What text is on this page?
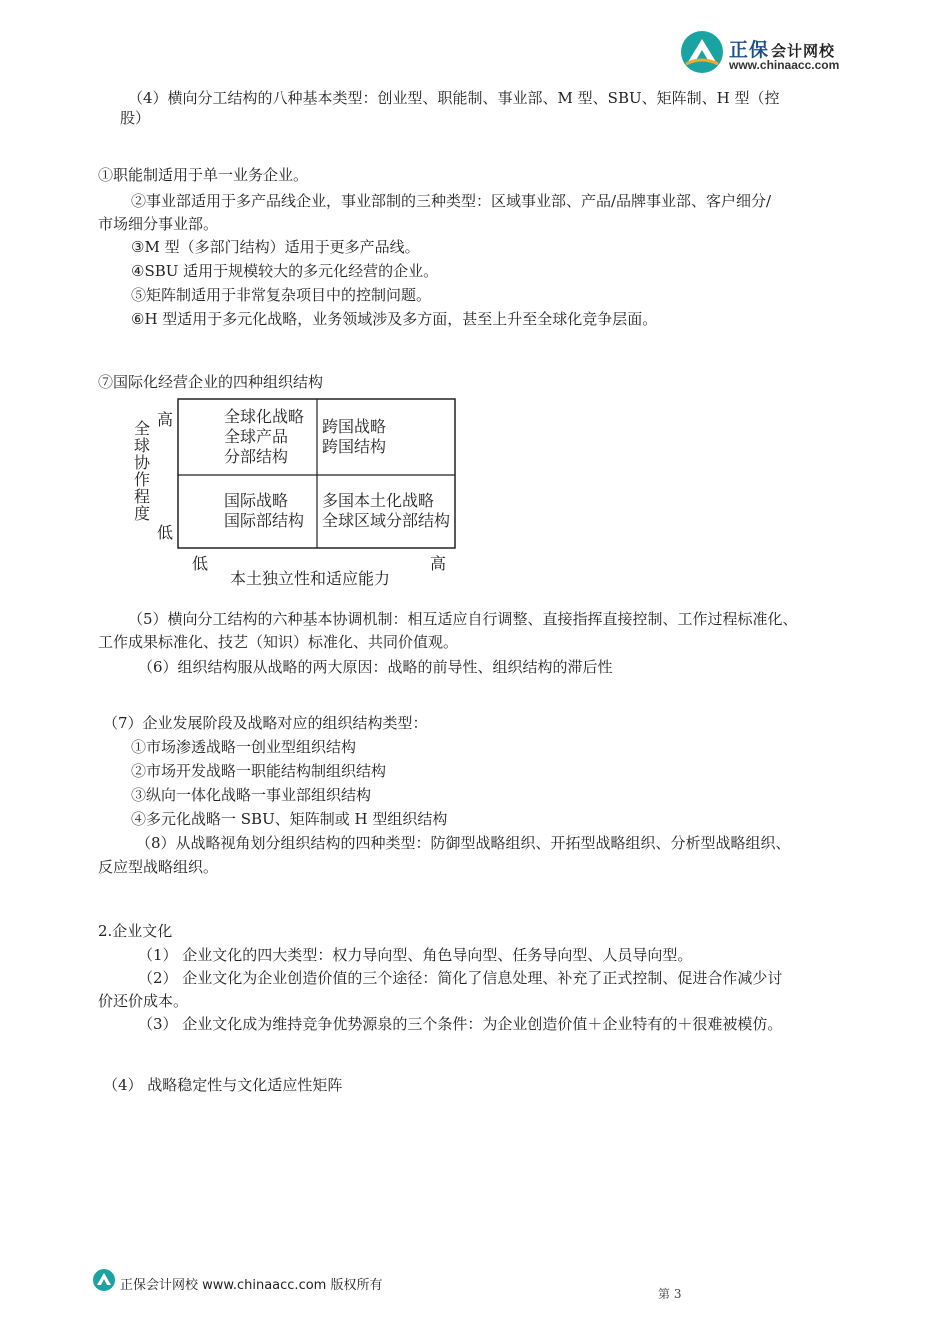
正保 会计网校
www.chinaacc.com
（4）横向分工结构的八种基本类型：创业型、职能制、事业部、M 型、SBU、矩阵制、H 型（控
股）
①职能制适用于单一业务企业。
②事业部适用于多产品线企业，事业部制的三种类型：区域事业部、产品/品牌事业部、客户细分/
市场细分事业部。
③M 型（多部门结构）适用于更多产品线。
④SBU 适用于规模较大的多元化经营的企业。
⑤矩阵制适用于非常复杂项目中的控制问题。
⑥H 型适用于多元化战略，业务领域涉及多方面，甚至上升至全球化竞争层面。
⑦国际化经营企业的四种组织结构
全
球
协
作
程
度
高
低
低	高
本土独立性和适应能力
全球化战略
全球产品
分部结构
跨国战略
跨国结构
国际战略
国际部结构
多国本土化战略
全球区域分部结构
（5）横向分工结构的六种基本协调机制：相互适应自行调整、直接指挥直接控制、工作过程标准化、
工作成果标准化、技艺（知识）标准化、共同价值观。
（6）组织结构服从战略的两大原因：战略的前导性、组织结构的滞后性
（7）企业发展阶段及战略对应的组织结构类型：
①市场渗透战略一创业型组织结构
②市场开发战略一职能结构制组织结构
③纵向一体化战略一事业部组织结构
④多元化战略一 SBU、矩阵制或 H 型组织结构
（8）从战略视角划分组织结构的四种类型：防御型战略组织、开拓型战略组织、分析型战略组织、
反应型战略组织。
2.企业文化
（1） 企业文化的四大类型：权力导向型、角色导向型、任务导向型、人员导向型。
（2） 企业文化为企业创造价值的三个途径：简化了信息处理、补充了正式控制、促进合作减少讨
价还价成本。
（3） 企业文化成为维持竞争优势源泉的三个条件：为企业创造价值＋企业特有的＋很难被模仿。
（4） 战略稳定性与文化适应性矩阵
正保会计网校 www.chinaacc.com 版权所有
第 3
